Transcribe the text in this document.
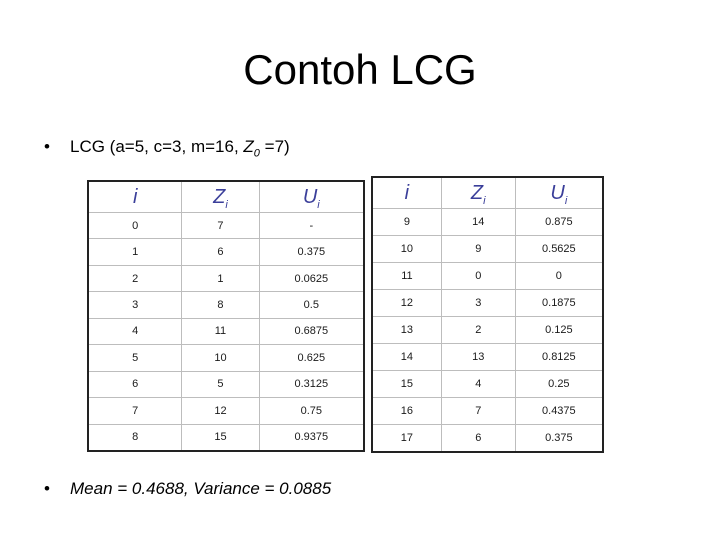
Contoh LCG
• LCG (a=5, c=3, m=16, $Z_0 =7$)
i	$Z_i$	$U_i$
0	7	-
1	6	0.375
2	1	0.0625
3	8	0.5
4	11	0.6875
5	10	0.625
6	5	0.3125
7	12	0.75
8	15	0.9375
i	$Z_i$	$U_i$
9	14	0.875
10	9	0.5625
11	0	0
12	3	0.1875
13	2	0.125
14	13	0.8125
15	4	0.25
16	7	0.4375
17	6	0.375
• Mean = 0.4688, Variance = 0.0885
